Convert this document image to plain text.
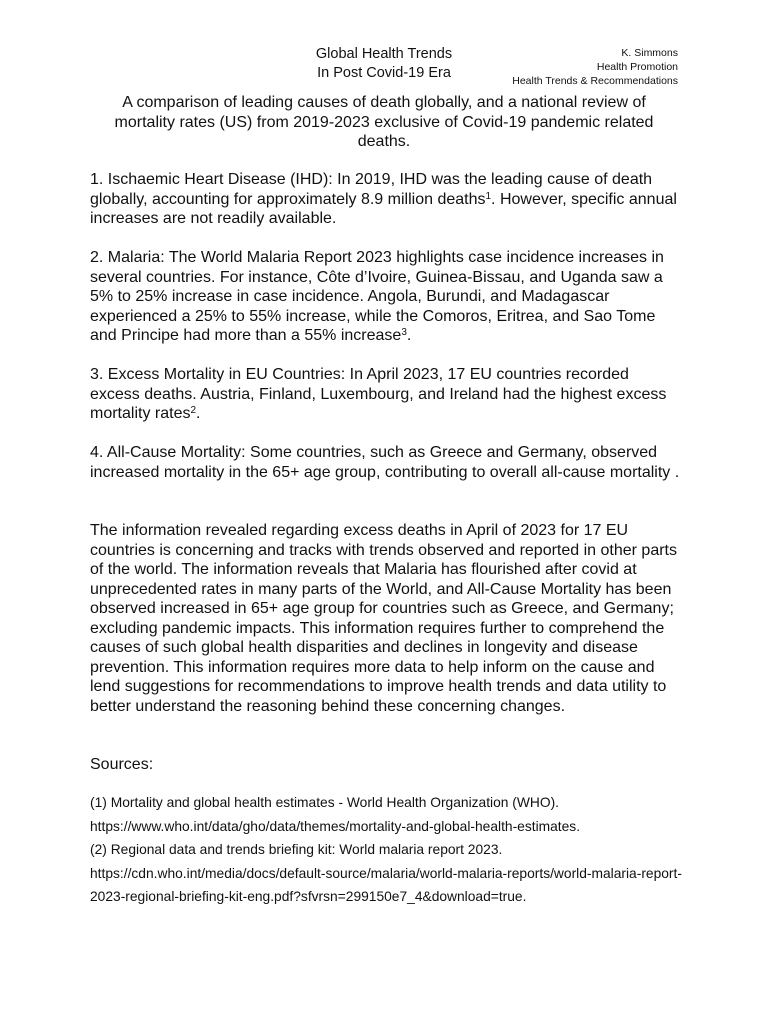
Global Health Trends
In Post Covid-19 Era
K. Simmons
Health Promotion
Health Trends & Recommendations
A comparison of leading causes of death globally, and a national review of mortality rates (US) from 2019-2023 exclusive of Covid-19 pandemic related deaths.

1. Ischaemic Heart Disease (IHD): In 2019, IHD was the leading cause of death globally, accounting for approximately 8.9 million deaths$^1$. However, specific annual increases are not readily available.

2. Malaria: The World Malaria Report 2023 highlights case incidence increases in several countries. For instance, Côte d’Ivoire, Guinea-Bissau, and Uganda saw a 5% to 25% increase in case incidence. Angola, Burundi, and Madagascar experienced a 25% to 55% increase, while the Comoros, Eritrea, and Sao Tome and Principe had more than a 55% increase$^3$.

3. Excess Mortality in EU Countries: In April 2023, 17 EU countries recorded excess deaths. Austria, Finland, Luxembourg, and Ireland had the highest excess mortality rates$^2$.

4. All-Cause Mortality: Some countries, such as Greece and Germany, observed increased mortality in the 65+ age group, contributing to overall all-cause mortality .

The information revealed regarding excess deaths in April of 2023 for 17 EU countries is concerning and tracks with trends observed and reported in other parts of the world. The information reveals that Malaria has flourished after covid at unprecedented rates in many parts of the World, and All-Cause Mortality has been observed increased in 65+ age group for countries such as Greece, and Germany; excluding pandemic impacts. This information requires further to comprehend the causes of such global health disparities and declines in longevity and disease prevention. This information requires more data to help inform on the cause and lend suggestions for recommendations to improve health trends and data utility to better understand the reasoning behind these concerning changes.

Sources:

(1) Mortality and global health estimates - World Health Organization (WHO). https://www.who.int/data/gho/data/themes/mortality-and-global-health-estimates.

(2) Regional data and trends briefing kit: World malaria report 2023. https://cdn.who.int/media/docs/default-source/malaria/world-malaria-reports/world-malaria-report-2023-regional-briefing-kit-eng.pdf?sfvrsn=299150e7_4&download=true.
